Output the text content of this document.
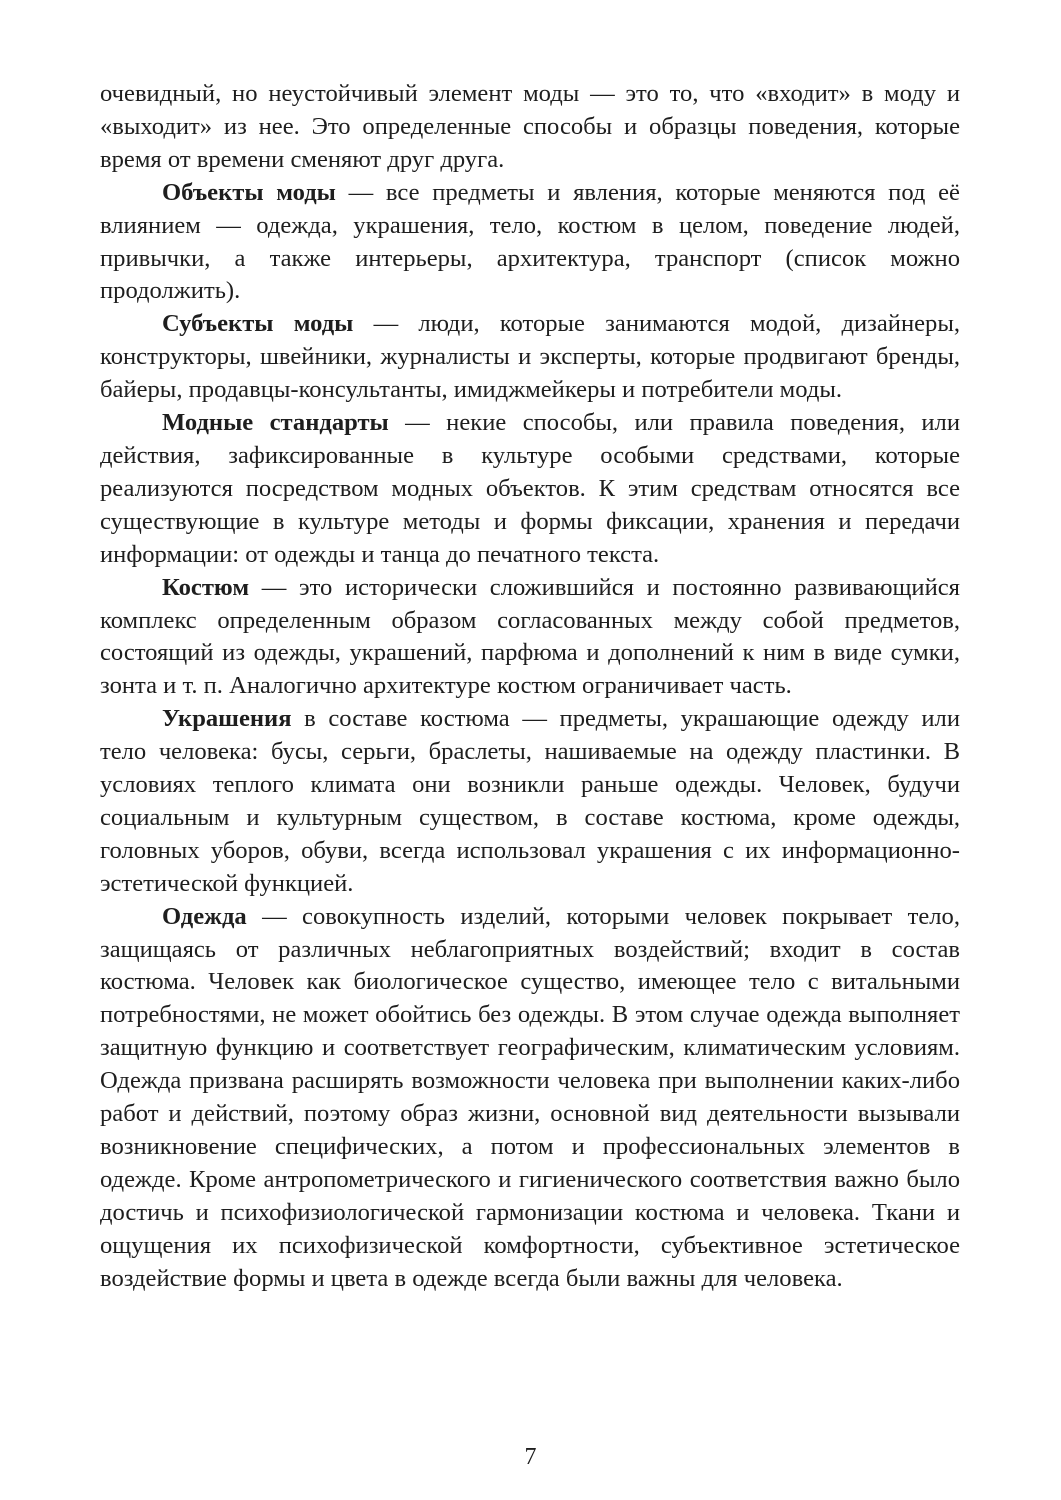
очевидный, но неустойчивый элемент моды — это то, что «входит» в моду и «выходит» из нее. Это определенные способы и образцы поведения, которые время от времени сменяют друг друга.

Объекты моды — все предметы и явления, которые меняются под её влиянием — одежда, украшения, тело, костюм в целом, поведение людей, привычки, а также интерьеры, архитектура, транспорт (список можно продолжить).

Субъекты моды — люди, которые занимаются модой, дизайнеры, конструкторы, швейники, журналисты и эксперты, которые продвигают бренды, байеры, продавцы-консультанты, имиджмейкеры и потребители моды.

Модные стандарты — некие способы, или правила поведения, или действия, зафиксированные в культуре особыми средствами, которые реализуются посредством модных объектов. К этим средствам относятся все существующие в культуре методы и формы фиксации, хранения и передачи информации: от одежды и танца до печатного текста.

Костюм — это исторически сложившийся и постоянно развивающийся комплекс определенным образом согласованных между собой предметов, состоящий из одежды, украшений, парфюма и дополнений к ним в виде сумки, зонта и т. п. Аналогично архитектуре костюм ограничивает часть.

Украшения в составе костюма — предметы, украшающие одежду или тело человека: бусы, серьги, браслеты, нашиваемые на одежду пластинки. В условиях теплого климата они возникли раньше одежды. Человек, будучи социальным и культурным существом, в составе костюма, кроме одежды, головных уборов, обуви, всегда использовал украшения с их информационно-эстетической функцией.

Одежда — совокупность изделий, которыми человек покрывает тело, защищаясь от различных неблагоприятных воздействий; входит в состав костюма. Человек как биологическое существо, имеющее тело с витальными потребностями, не может обойтись без одежды. В этом случае одежда выполняет защитную функцию и соответствует географическим, климатическим условиям. Одежда призвана расширять возможности человека при выполнении каких-либо работ и действий, поэтому образ жизни, основной вид деятельности вызывали возникновение специфических, а потом и профессиональных элементов в одежде. Кроме антропометрического и гигиенического соответствия важно было достичь и психофизиологической гармонизации костюма и человека. Ткани и ощущения их психофизической комфортности, субъективное эстетическое воздействие формы и цвета в одежде всегда были важны для человека.

7
